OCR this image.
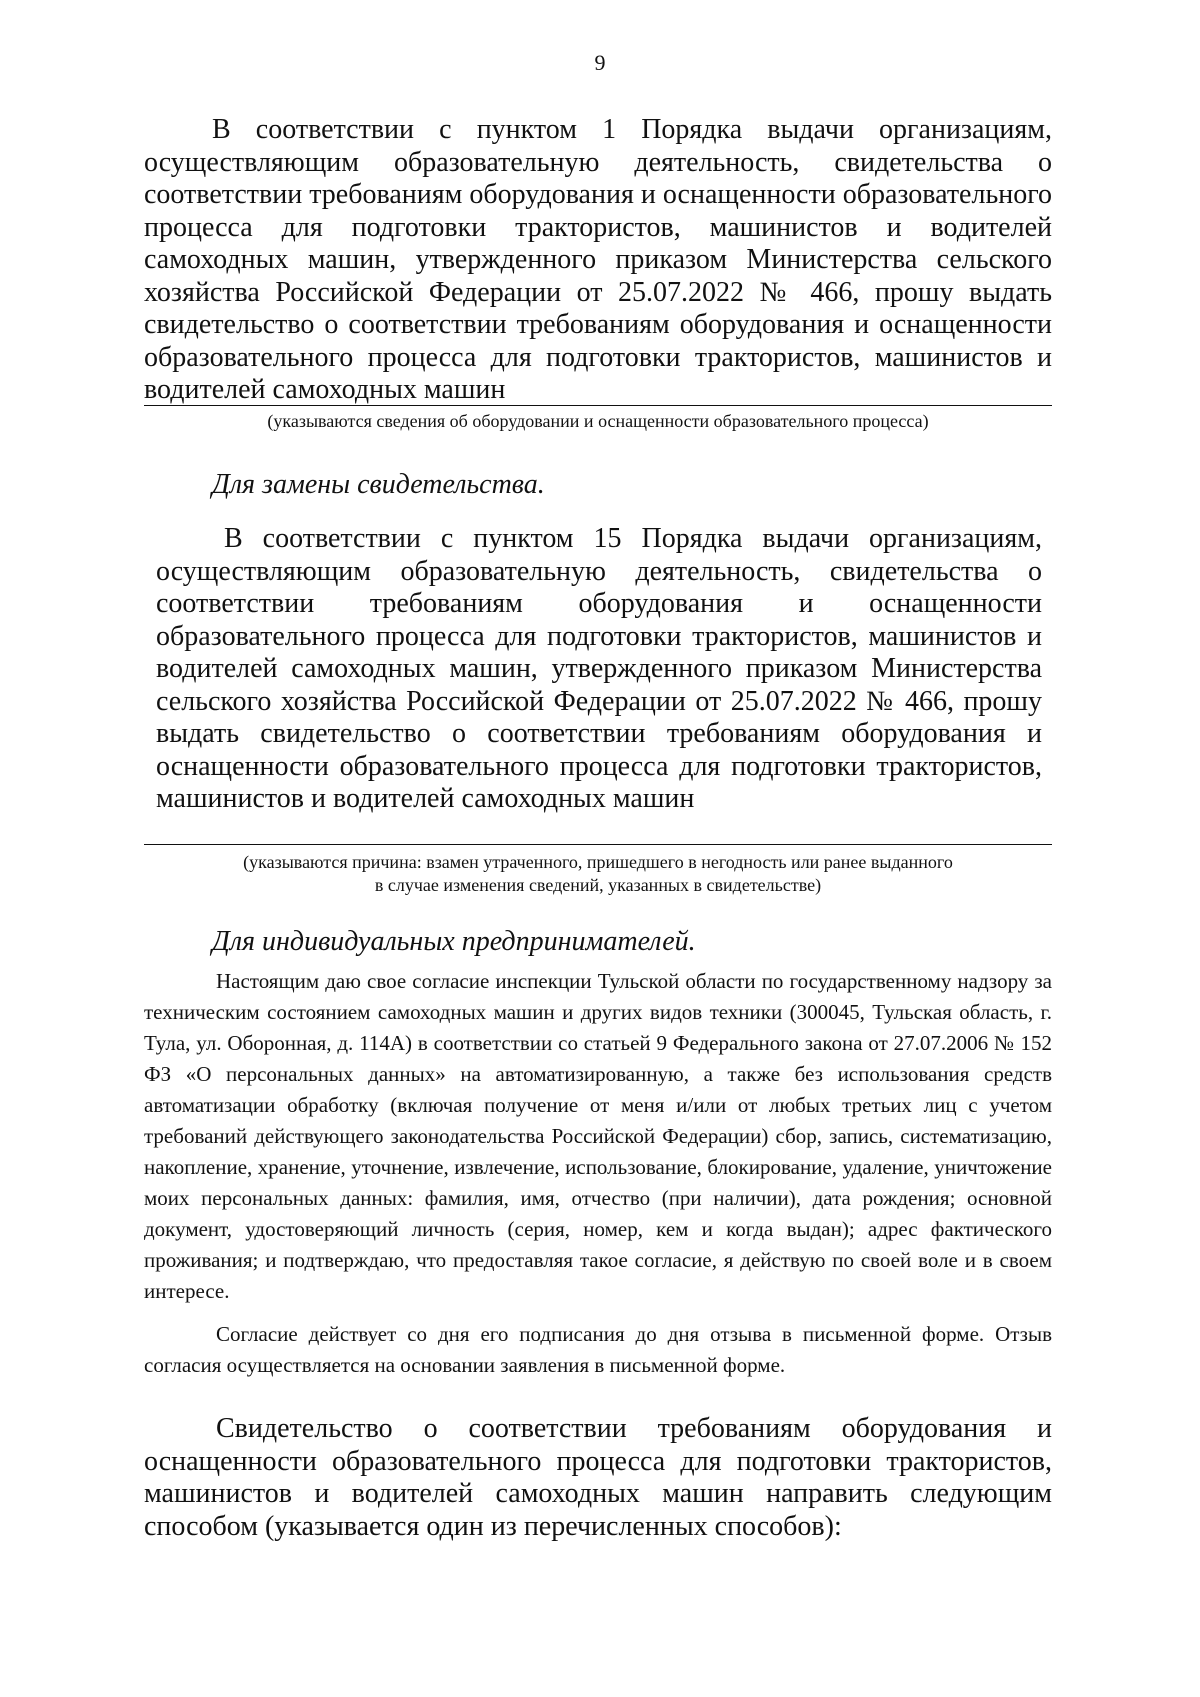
9

В соответствии с пунктом 1 Порядка выдачи организациям, осуществляющим образовательную деятельность, свидетельства о соответствии требованиям оборудования и оснащенности образовательного процесса для подготовки трактористов, машинистов и водителей самоходных машин, утвержденного приказом Министерства сельского хозяйства Российской Федерации от 25.07.2022 № 466, прошу выдать свидетельство о соответствии требованиям оборудования и оснащенности образовательного процесса для подготовки трактористов, машинистов и водителей самоходных машин

(указываются сведения об оборудовании и оснащенности образовательного процесса)

Для замены свидетельства.

В соответствии с пунктом 15 Порядка выдачи организациям, осуществляющим образовательную деятельность, свидетельства о соответствии требованиям оборудования и оснащенности образовательного процесса для подготовки трактористов, машинистов и водителей самоходных машин, утвержденного приказом Министерства сельского хозяйства Российской Федерации от 25.07.2022 № 466, прошу выдать свидетельство о соответствии требованиям оборудования и оснащенности образовательного процесса для подготовки трактористов, машинистов и водителей самоходных машин

(указываются причина: взамен утраченного, пришедшего в негодность или ранее выданного
в случае изменения сведений, указанных в свидетельстве)

Для индивидуальных предпринимателей.

Настоящим даю свое согласие инспекции Тульской области по государственному надзору за техническим состоянием самоходных машин и других видов техники (300045, Тульская область, г. Тула, ул. Оборонная, д. 114А) в соответствии со статьей 9 Федерального закона от 27.07.2006 № 152 ФЗ «О персональных данных» на автоматизированную, а также без использования средств автоматизации обработку (включая получение от меня и/или от любых третьих лиц с учетом требований действующего законодательства Российской Федерации) сбор, запись, систематизацию, накопление, хранение, уточнение, извлечение, использование, блокирование, удаление, уничтожение моих персональных данных: фамилия, имя, отчество (при наличии), дата рождения; основной документ, удостоверяющий личность (серия, номер, кем и когда выдан); адрес фактического проживания; и подтверждаю, что предоставляя такое согласие, я действую по своей воле и в своем интересе.

Согласие действует со дня его подписания до дня отзыва в письменной форме. Отзыв согласия осуществляется на основании заявления в письменной форме.

Свидетельство о соответствии требованиям оборудования и оснащенности образовательного процесса для подготовки трактористов, машинистов и водителей самоходных машин направить следующим способом (указывается один из перечисленных способов):
